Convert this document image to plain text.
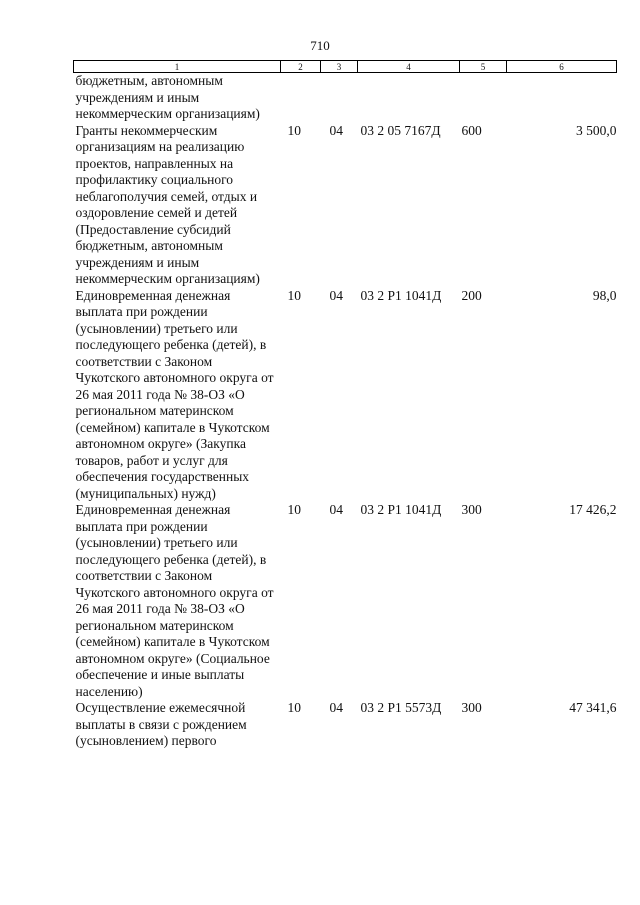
710
1	2	3	4	5	6
бюджетным, автономным учреждениям и иным некоммерческим организациям)					
Гранты некоммерческим организациям на реализацию проектов, направленных на профилактику социального неблагополучия семей, отдых и оздоровление семей и детей (Предоставление субсидий бюджетным, автономным учреждениям и иным некоммерческим организациям)	10	04	03 2 05 7167Д	600	3 500,0
Единовременная денежная выплата при рождении (усыновлении) третьего или последующего ребенка (детей), в соответствии с Законом Чукотского автономного округа от 26 мая 2011 года № 38-ОЗ «О региональном материнском (семейном) капитале в Чукотском автономном округе» (Закупка товаров, работ и услуг для обеспечения государственных (муниципальных) нужд)	10	04	03 2 P1 1041Д	200	98,0
Единовременная денежная выплата при рождении (усыновлении) третьего или последующего ребенка (детей), в соответствии с Законом Чукотского автономного округа от 26 мая 2011 года № 38-ОЗ «О региональном материнском (семейном) капитале в Чукотском автономном округе» (Социальное обеспечение и иные выплаты населению)	10	04	03 2 P1 1041Д	300	17 426,2
Осуществление ежемесячной выплаты в связи с рождением (усыновлением) первого	10	04	03 2 P1 5573Д	300	47 341,6
